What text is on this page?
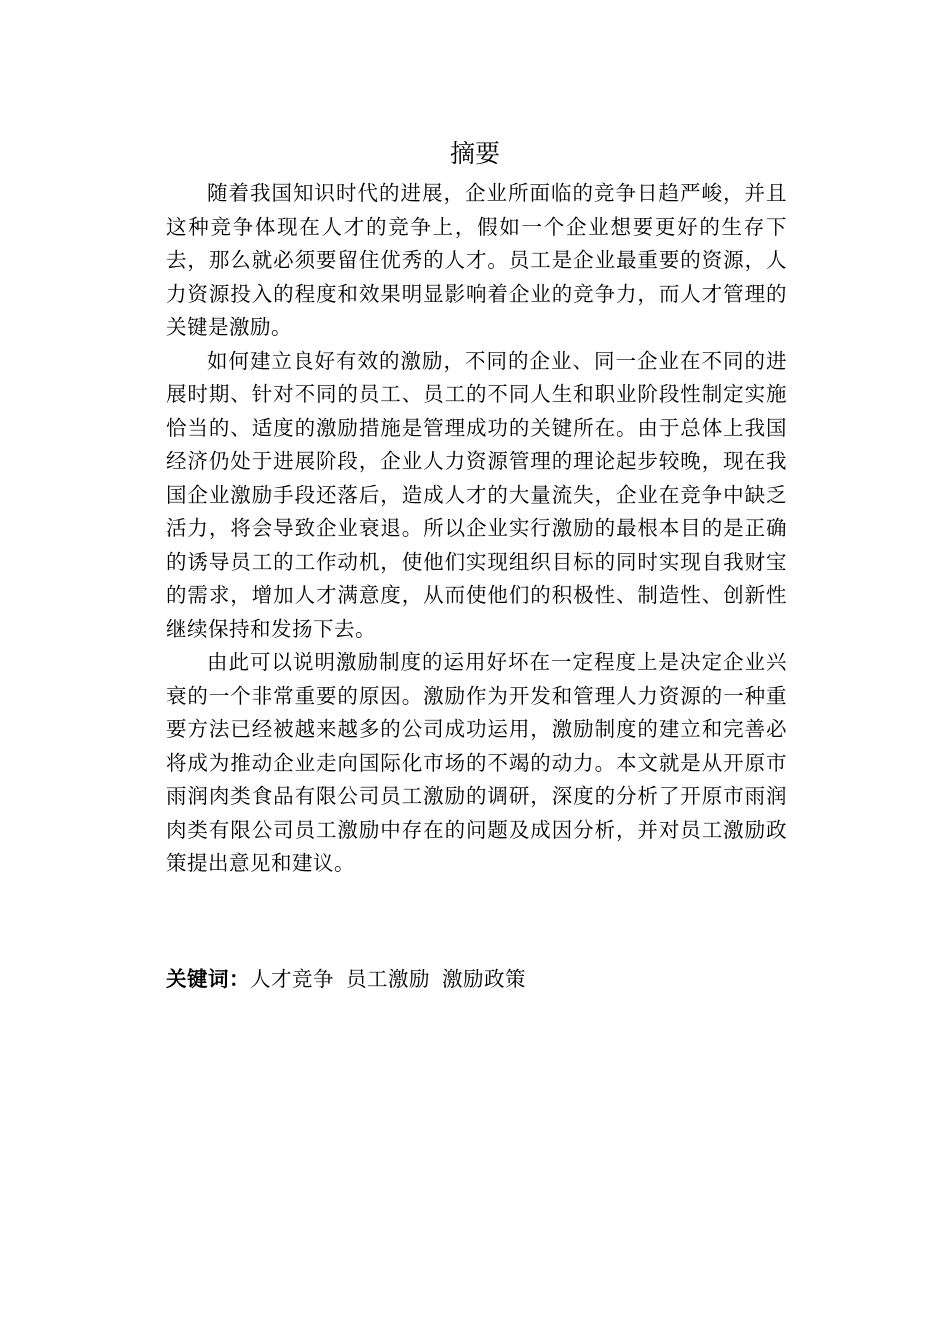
摘要

随着我国知识时代的进展，企业所面临的竞争日趋严峻，并且这种竞争体现在人才的竞争上，假如一个企业想要更好的生存下去，那么就必须要留住优秀的人才。员工是企业最重要的资源，人力资源投入的程度和效果明显影响着企业的竞争力，而人才管理的关键是激励。

如何建立良好有效的激励，不同的企业、同一企业在不同的进展时期、针对不同的员工、员工的不同人生和职业阶段性制定实施恰当的、适度的激励措施是管理成功的关键所在。由于总体上我国经济仍处于进展阶段，企业人力资源管理的理论起步较晚，现在我国企业激励手段还落后，造成人才的大量流失，企业在竞争中缺乏活力，将会导致企业衰退。所以企业实行激励的最根本目的是正确的诱导员工的工作动机，使他们实现组织目标的同时实现自我财宝的需求，增加人才满意度，从而使他们的积极性、制造性、创新性继续保持和发扬下去。

由此可以说明激励制度的运用好坏在一定程度上是决定企业兴衰的一个非常重要的原因。激励作为开发和管理人力资源的一种重要方法已经被越来越多的公司成功运用，激励制度的建立和完善必将成为推动企业走向国际化市场的不竭的动力。本文就是从开原市雨润肉类食品有限公司员工激励的调研，深度的分析了开原市雨润肉类有限公司员工激励中存在的问题及成因分析，并对员工激励政策提出意见和建议。

关键词：人才竞争 员工激励 激励政策
